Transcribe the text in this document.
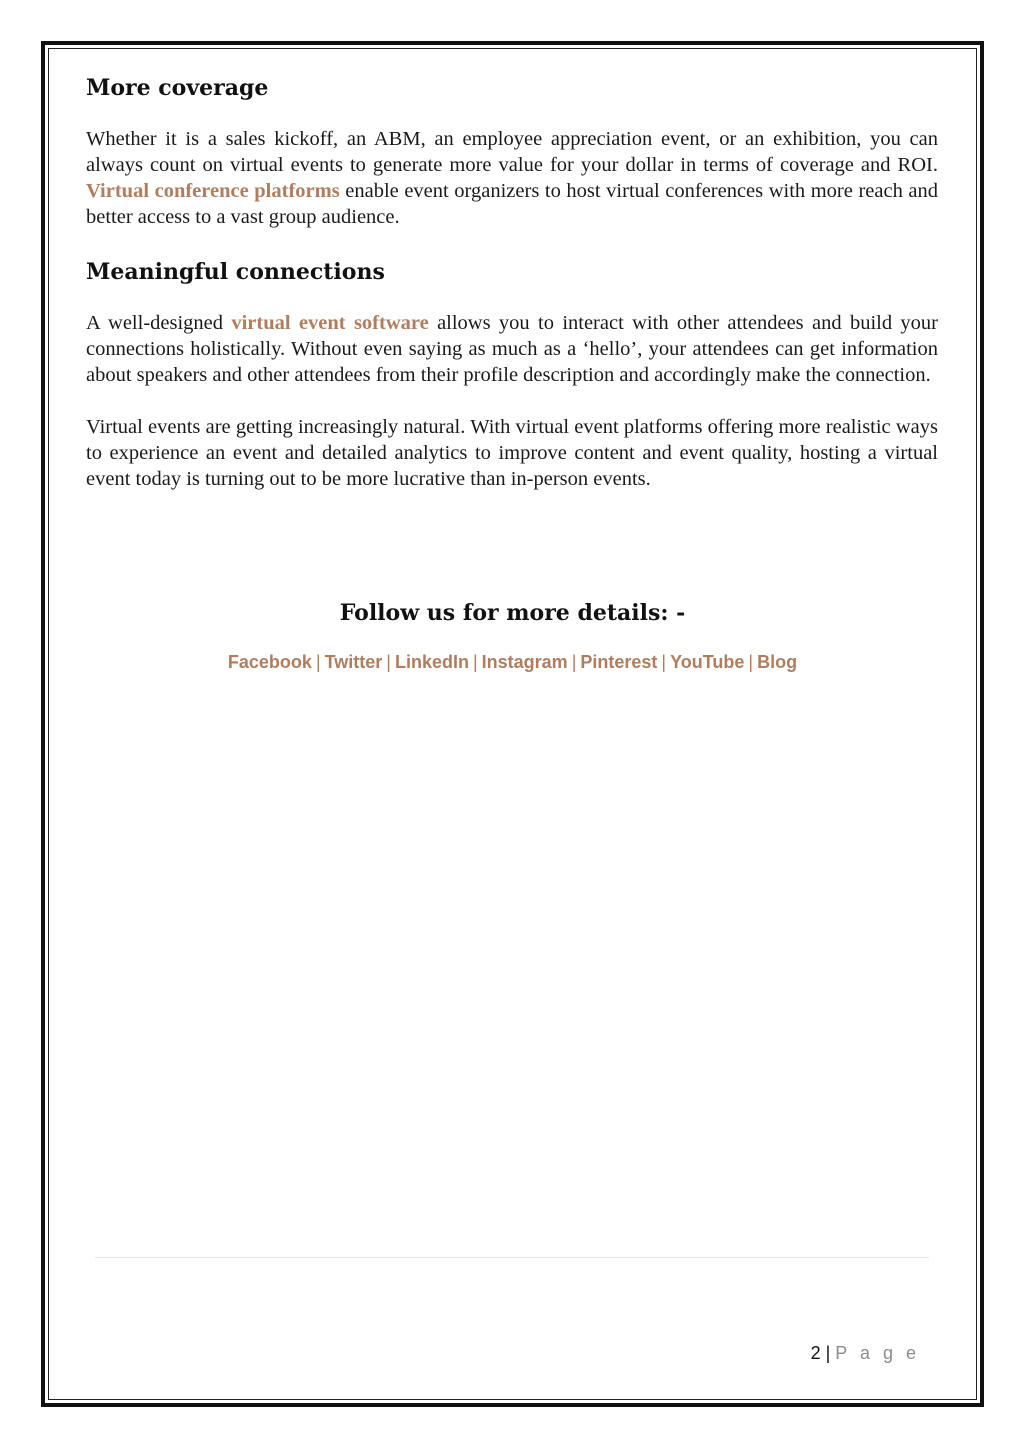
More coverage

Whether it is a sales kickoff, an ABM, an employee appreciation event, or an exhibition, you can always count on virtual events to generate more value for your dollar in terms of coverage and ROI. Virtual conference platforms enable event organizers to host virtual conferences with more reach and better access to a vast group audience.

Meaningful connections

A well-designed virtual event software allows you to interact with other attendees and build your connections holistically. Without even saying as much as a ‘hello’, your attendees can get information about speakers and other attendees from their profile description and accordingly make the connection.

Virtual events are getting increasingly natural. With virtual event platforms offering more realistic ways to experience an event and detailed analytics to improve content and event quality, hosting a virtual event today is turning out to be more lucrative than in-person events.

Follow us for more details: -
Facebook | Twitter | LinkedIn | Instagram | Pinterest | YouTube | Blog
2 | P a g e
